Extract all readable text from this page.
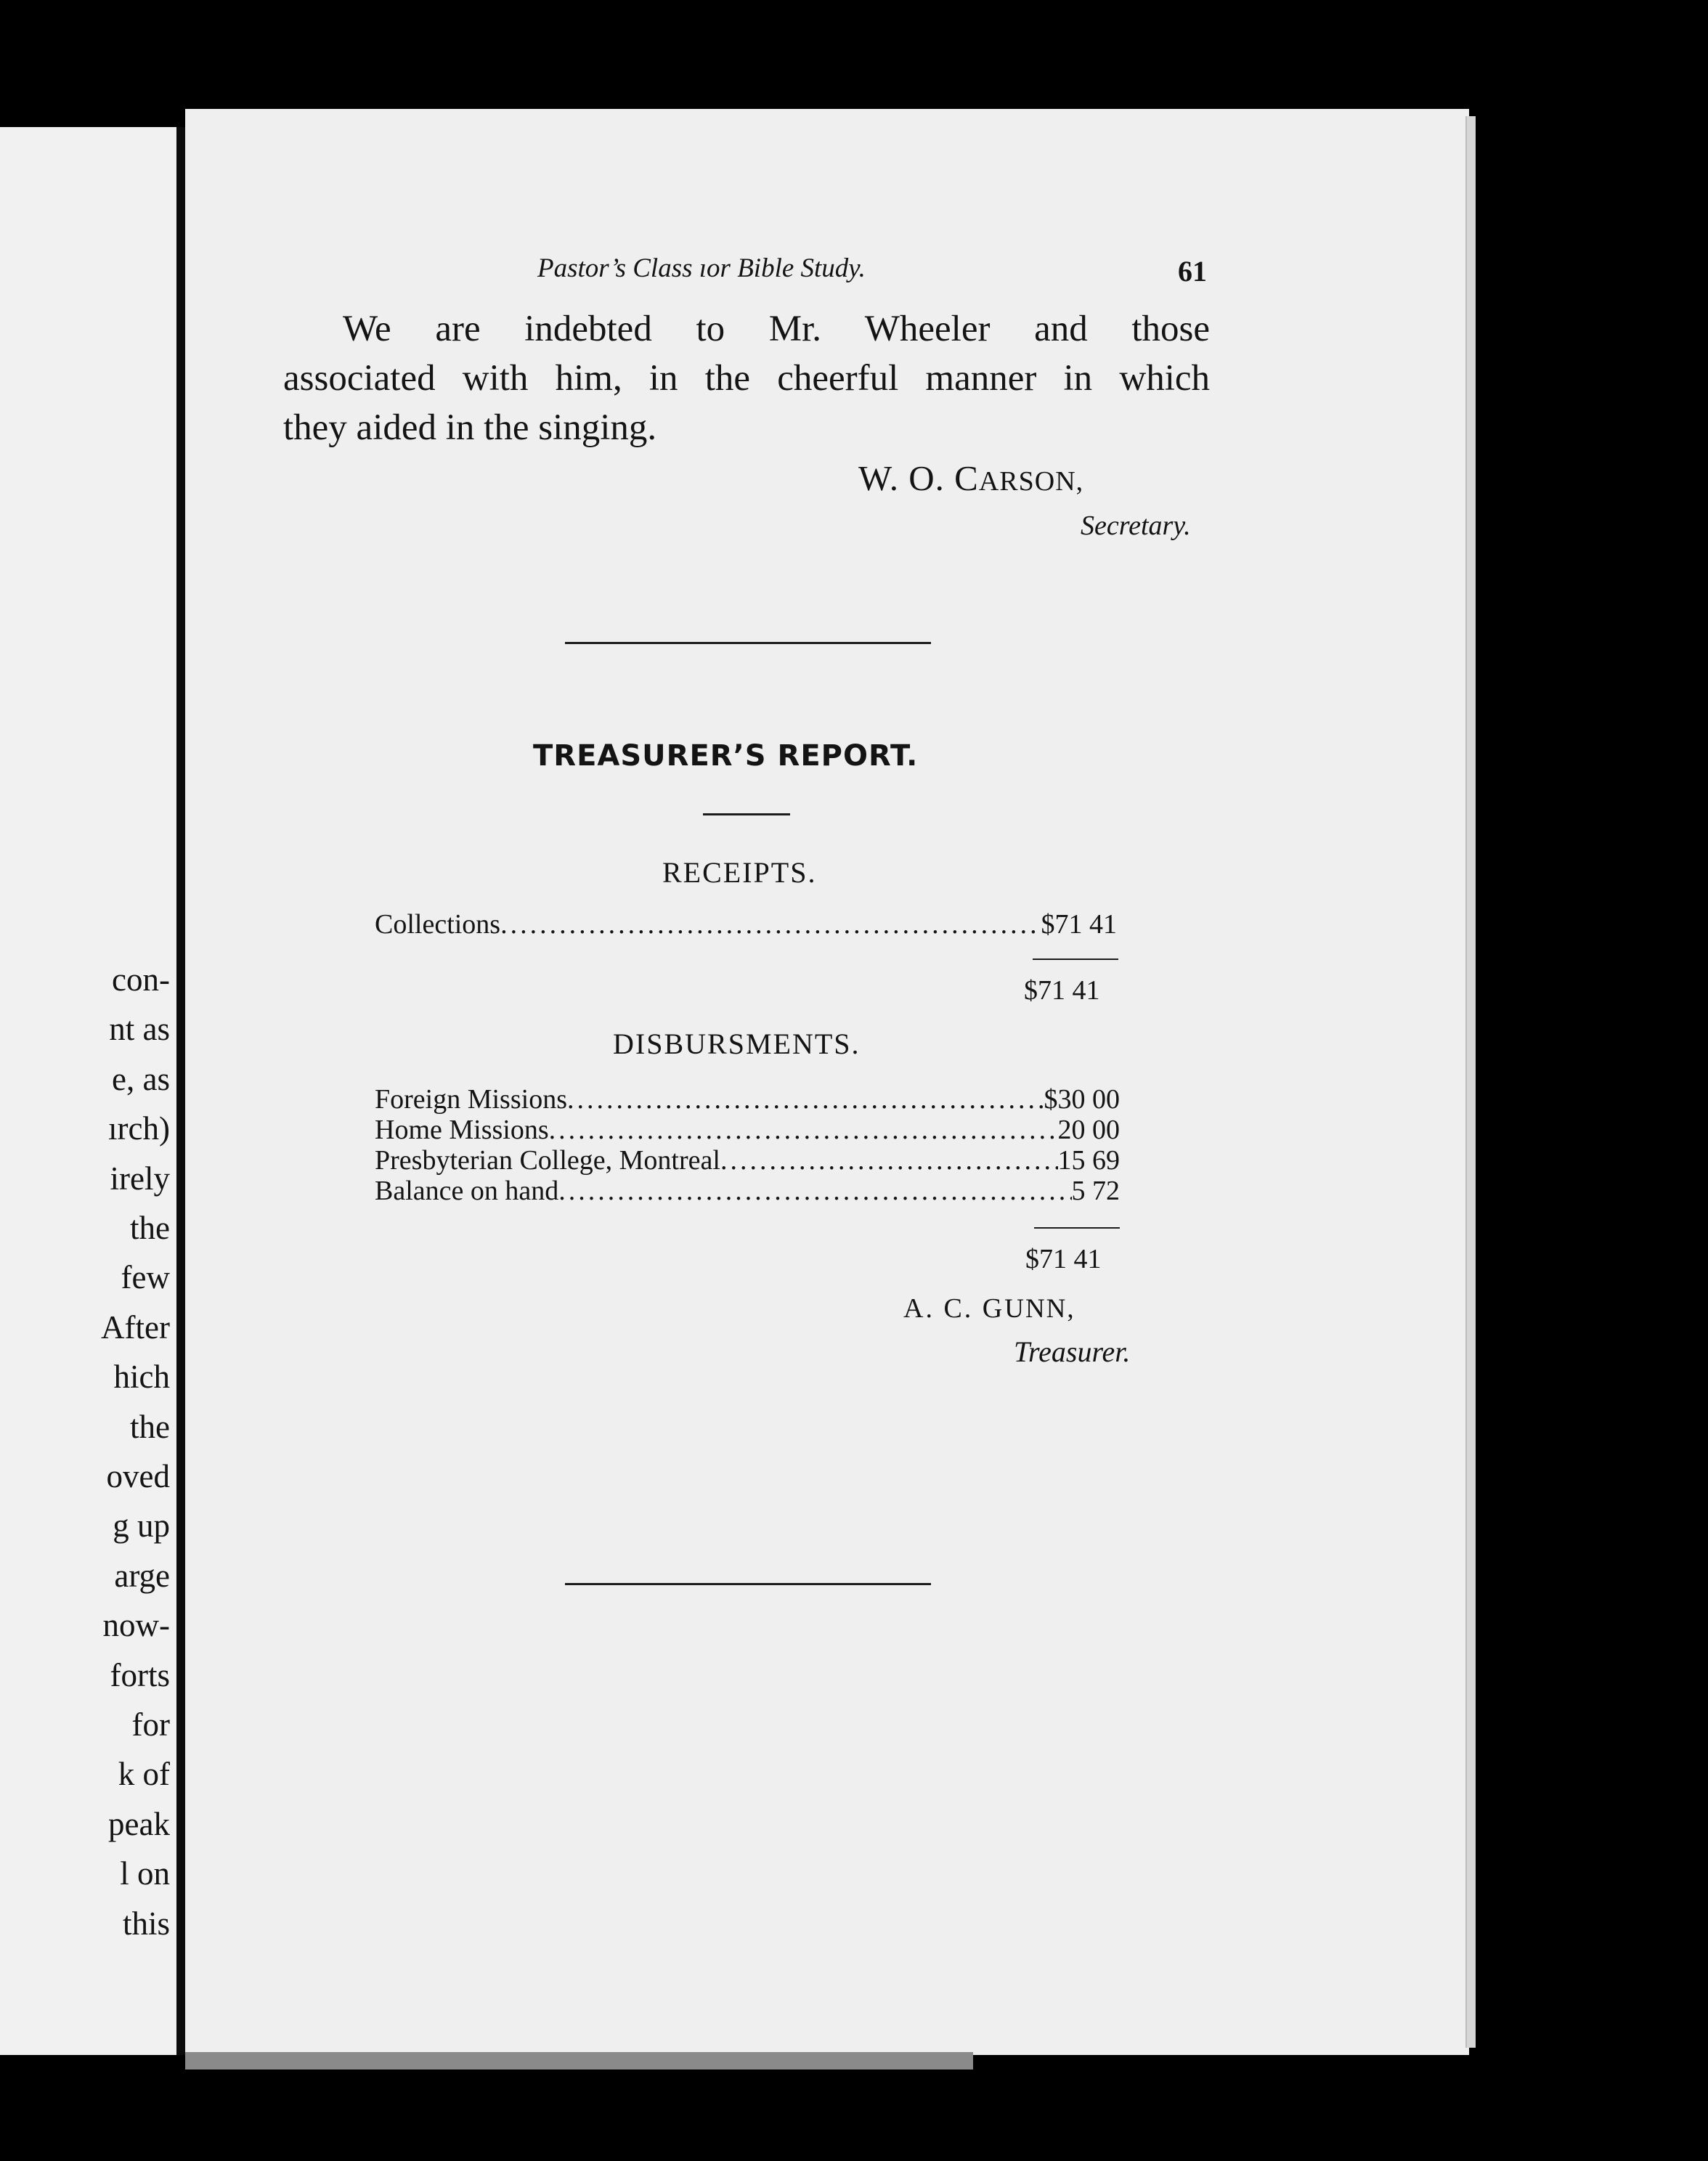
con-
nt as
e, as
ırch)
irely
the
few
After
hich
the
oved
g up
arge
now-
forts
for
k of
peak
l on
this
Pastor’s Class ıor Bible Study.	61
We are indebted to Mr. Wheeler and those
associated with him, in the cheerful manner in which
they aided in the singing.
W. O. CARSON,
Secretary.
TREASURER’S REPORT.
RECEIPTS.
Collections .....	$71 41
$71 41
DISBURSMENTS.
Foreign Missions .....	$30 00
Home Missions .....	20 00
Presbyterian College, Montreal .....	15 69
Balance on hand .....	5 72
$71 41
A. C. GUNN,
Treasurer.
